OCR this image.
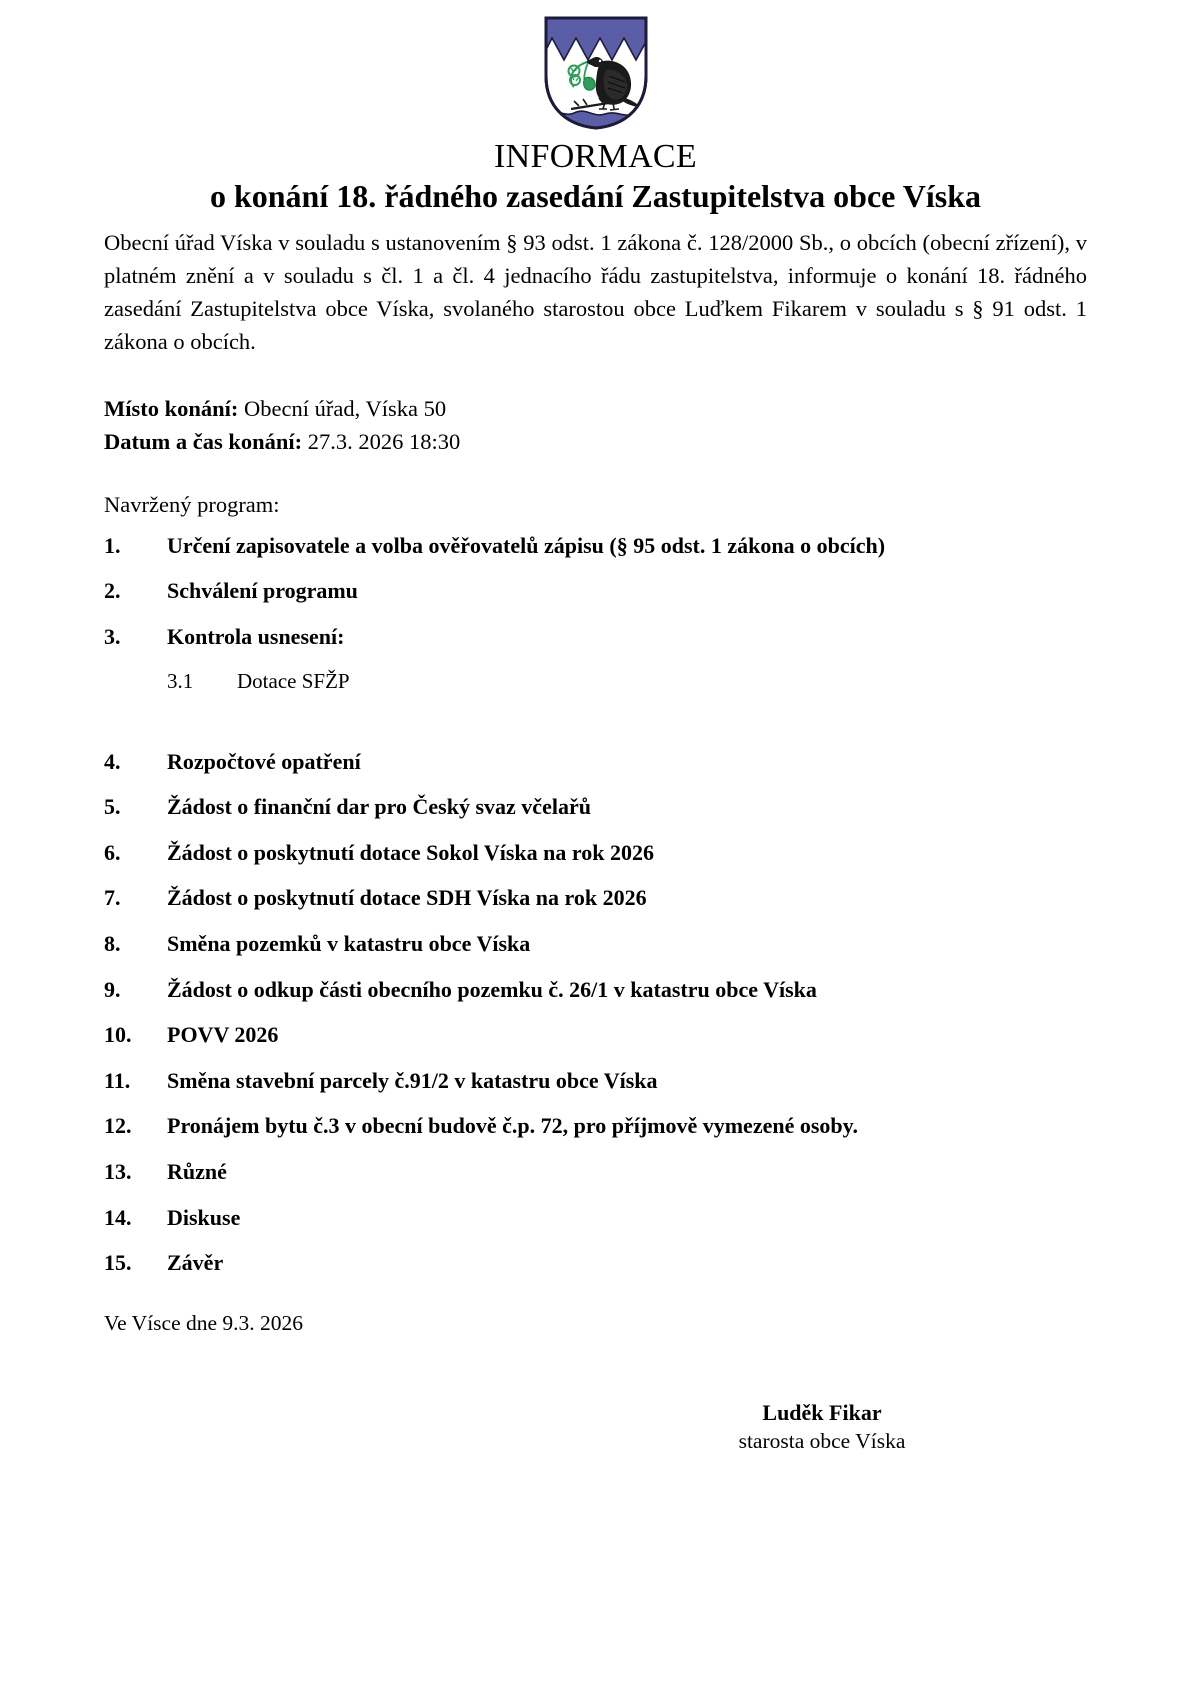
INFORMACE
o konání 18. řádného zasedání Zastupitelstva obce Víska

Obecní úřad Víska v souladu s ustanovením § 93 odst. 1 zákona č. 128/2000 Sb., o obcích (obecní zřízení), v platném znění a v souladu s čl. 1 a čl. 4 jednacího řádu zastupitelstva, informuje o konání 18. řádného zasedání Zastupitelstva obce Víska, svolaného starostou obce Luďkem Fikarem v souladu s § 91 odst. 1 zákona o obcích.

Místo konání: Obecní úřad, Víska 50
Datum a čas konání: 27.3. 2026 18:30
Navržený program:
1.	Určení zapisovatele a volba ověřovatelů zápisu (§ 95 odst. 1 zákona o obcích)
2.	Schválení programu
3.	Kontrola usnesení:
3.1	Dotace SFŽP
4.	Rozpočtové opatření
5.	Žádost o finanční dar pro Český svaz včelařů
6.	Žádost o poskytnutí dotace Sokol Víska na rok 2026
7.	Žádost o poskytnutí dotace SDH Víska na rok 2026
8.	Směna pozemků v katastru obce Víska
9.	Žádost o odkup části obecního pozemku č. 26/1 v katastru obce Víska
10.	POVV 2026
11.	Směna stavební parcely č.91/2 v katastru obce Víska
12.	Pronájem bytu č.3 v obecní budově č.p. 72, pro příjmově vymezené osoby.
13.	Různé
14.	Diskuse
15.	Závěr
Ve Vísce dne 9.3. 2026
Luděk Fikar
starosta obce Víska
